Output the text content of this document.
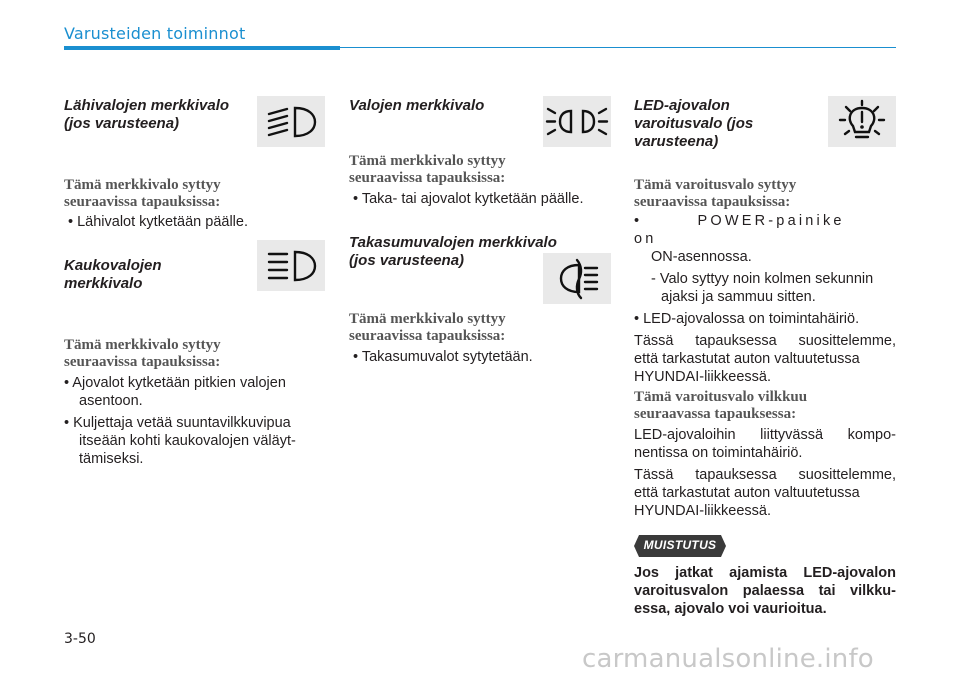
Varusteiden toiminnot
Lähivalojen merkkivalo
(jos varusteena)
Tämä merkkivalo syttyy
seuraavissa tapauksissa:

• Lähivalot kytketään päälle.

Kaukovalojen
merkkivalo
Tämä merkkivalo syttyy
seuraavissa tapauksissa:

• Ajovalot kytketään pitkien valojen

asentoon.

• Kuljettaja vetää suuntavilkkuvipua

itseään kohti kaukovalojen väläyt-

tämiseksi.

Valojen merkkivalo
Tämä merkkivalo syttyy
seuraavissa tapauksissa:

• Taka- tai ajovalot kytketään päälle.

Takasumuvalojen merkkivalo
(jos varusteena)
Tämä merkkivalo syttyy
seuraavissa tapauksissa:

• Takasumuvalot sytytetään.

LED-ajovalon
varoitusvalo (jos
varusteena)
Tämä varoitusvalo syttyy
seuraavissa tapauksissa:

• POWER-painike on

ON-asennossa.

- Valo syttyy noin kolmen sekunnin

ajaksi ja sammuu sitten.

• LED-ajovalossa on toimintahäiriö.

Tässä tapauksessa suosittelemme,

että tarkastutat auton valtuutetussa

HYUNDAI-liikkeessä.

Tämä varoitusvalo vilkkuu
seuraavassa tapauksessa:

LED-ajovaloihin liittyvässä kompo-

nentissa on toimintahäiriö.

Tässä tapauksessa suosittelemme,

että tarkastutat auton valtuutetussa

HYUNDAI-liikkeessä.

MUISTUTUS
Jos jatkat ajamista LED-ajovalon
varoitusvalon palaessa tai vilkku-
essa, ajovalo voi vaurioitua.
3-50
carmanualsonline.info
